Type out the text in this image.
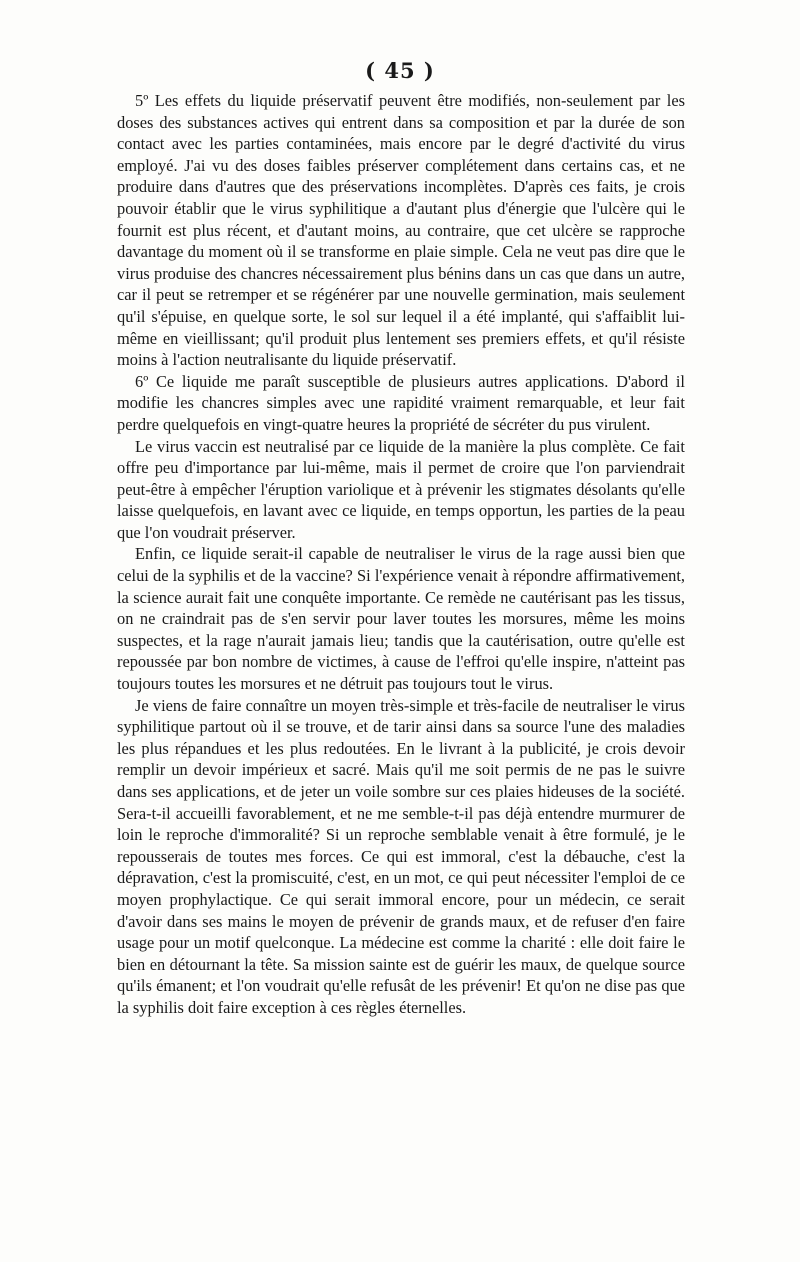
( 45 )

5º Les effets du liquide préservatif peuvent être modifiés, non-seulement par les doses des substances actives qui entrent dans sa composition et par la durée de son contact avec les parties contaminées, mais encore par le degré d'activité du virus employé. J'ai vu des doses faibles préserver complétement dans certains cas, et ne produire dans d'autres que des préservations incomplètes. D'après ces faits, je crois pouvoir établir que le virus syphilitique a d'autant plus d'énergie que l'ulcère qui le fournit est plus récent, et d'autant moins, au contraire, que cet ulcère se rapproche davantage du moment où il se transforme en plaie simple. Cela ne veut pas dire que le virus produise des chancres nécessairement plus bénins dans un cas que dans un autre, car il peut se retremper et se régénérer par une nouvelle germination, mais seulement qu'il s'épuise, en quelque sorte, le sol sur lequel il a été implanté, qui s'affaiblit lui-même en vieillissant; qu'il produit plus lentement ses premiers effets, et qu'il résiste moins à l'action neutralisante du liquide préservatif.

6º Ce liquide me paraît susceptible de plusieurs autres applications. D'abord il modifie les chancres simples avec une rapidité vraiment remarquable, et leur fait perdre quelquefois en vingt-quatre heures la propriété de sécréter du pus virulent.

Le virus vaccin est neutralisé par ce liquide de la manière la plus complète. Ce fait offre peu d'importance par lui-même, mais il permet de croire que l'on parviendrait peut-être à empêcher l'éruption variolique et à prévenir les stigmates désolants qu'elle laisse quelquefois, en lavant avec ce liquide, en temps opportun, les parties de la peau que l'on voudrait préserver.

Enfin, ce liquide serait-il capable de neutraliser le virus de la rage aussi bien que celui de la syphilis et de la vaccine? Si l'expérience venait à répondre affirmativement, la science aurait fait une conquête importante. Ce remède ne cautérisant pas les tissus, on ne craindrait pas de s'en servir pour laver toutes les morsures, même les moins suspectes, et la rage n'aurait jamais lieu; tandis que la cautérisation, outre qu'elle est repoussée par bon nombre de victimes, à cause de l'effroi qu'elle inspire, n'atteint pas toujours toutes les morsures et ne détruit pas toujours tout le virus.

Je viens de faire connaître un moyen très-simple et très-facile de neutraliser le virus syphilitique partout où il se trouve, et de tarir ainsi dans sa source l'une des maladies les plus répandues et les plus redoutées. En le livrant à la publicité, je crois devoir remplir un devoir impérieux et sacré. Mais qu'il me soit permis de ne pas le suivre dans ses applications, et de jeter un voile sombre sur ces plaies hideuses de la société. Sera-t-il accueilli favorablement, et ne me semble-t-il pas déjà entendre murmurer de loin le reproche d'immoralité? Si un reproche semblable venait à être formulé, je le repousserais de toutes mes forces. Ce qui est immoral, c'est la débauche, c'est la dépravation, c'est la promiscuité, c'est, en un mot, ce qui peut nécessiter l'emploi de ce moyen prophylactique. Ce qui serait immoral encore, pour un médecin, ce serait d'avoir dans ses mains le moyen de prévenir de grands maux, et de refuser d'en faire usage pour un motif quelconque. La médecine est comme la charité : elle doit faire le bien en détournant la tête. Sa mission sainte est de guérir les maux, de quelque source qu'ils émanent; et l'on voudrait qu'elle refusât de les prévenir! Et qu'on ne dise pas que la syphilis doit faire exception à ces règles éternelles.
